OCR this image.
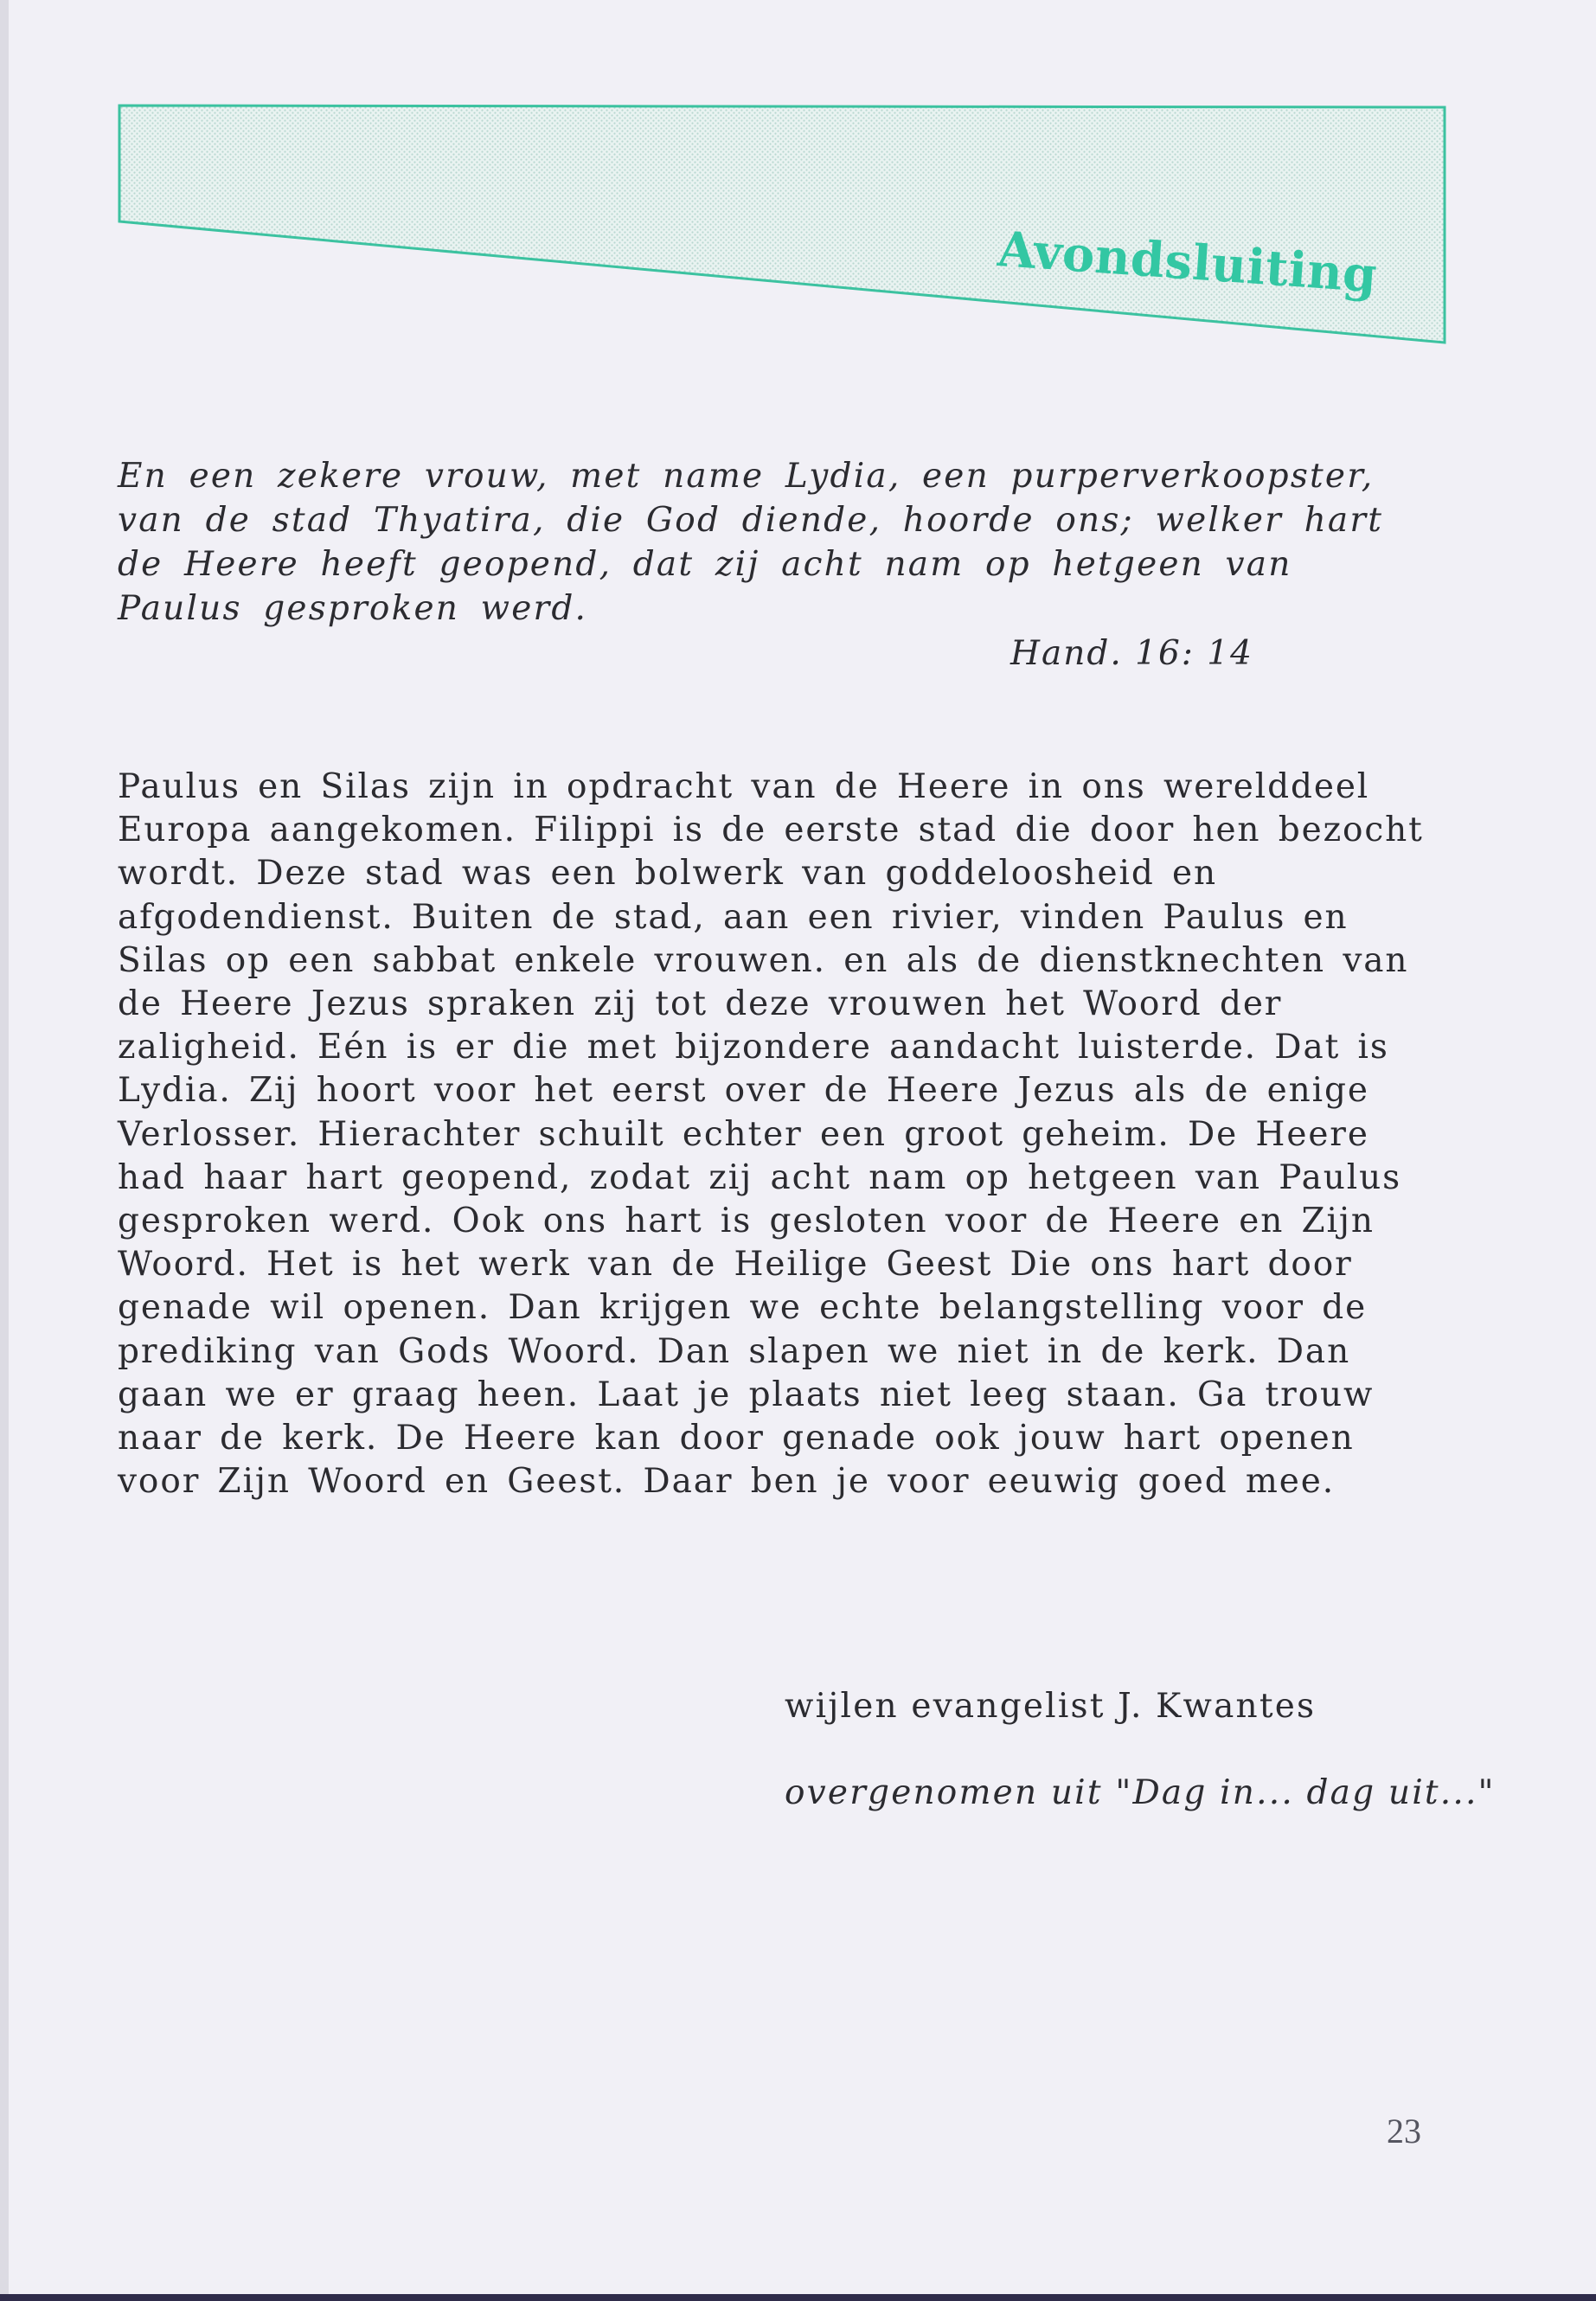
Avondsluiting
En een zekere vrouw, met name Lydia, een purperverkoopster, van de stad Thyatira, die God diende, hoorde ons; welker hart de Heere heeft geopend, dat zij acht nam op hetgeen van Paulus gesproken werd.
Hand. 16: 14
Paulus en Silas zijn in opdracht van de Heere in ons werelddeel Europa aangekomen. Filippi is de eerste stad die door hen bezocht wordt. Deze stad was een bolwerk van goddeloosheid en afgodendienst. Buiten de stad, aan een rivier, vinden Paulus en Silas op een sabbat enkele vrouwen. en als de dienstknechten van de Heere Jezus spraken zij tot deze vrouwen het Woord der zaligheid. Eén is er die met bijzondere aandacht luisterde. Dat is Lydia. Zij hoort voor het eerst over de Heere Jezus als de enige Verlosser. Hierachter schuilt echter een groot geheim. De Heere had haar hart geopend, zodat zij acht nam op hetgeen van Paulus gesproken werd. Ook ons hart is gesloten voor de Heere en Zijn Woord. Het is het werk van de Heilige Geest Die ons hart door genade wil openen. Dan krijgen we echte belangstelling voor de prediking van Gods Woord. Dan slapen we niet in de kerk. Dan gaan we er graag heen. Laat je plaats niet leeg staan. Ga trouw naar de kerk. De Heere kan door genade ook jouw hart openen voor Zijn Woord en Geest. Daar ben je voor eeuwig goed mee.
wijlen evangelist J. Kwantes
overgenomen uit "Dag in... dag uit..."
23
